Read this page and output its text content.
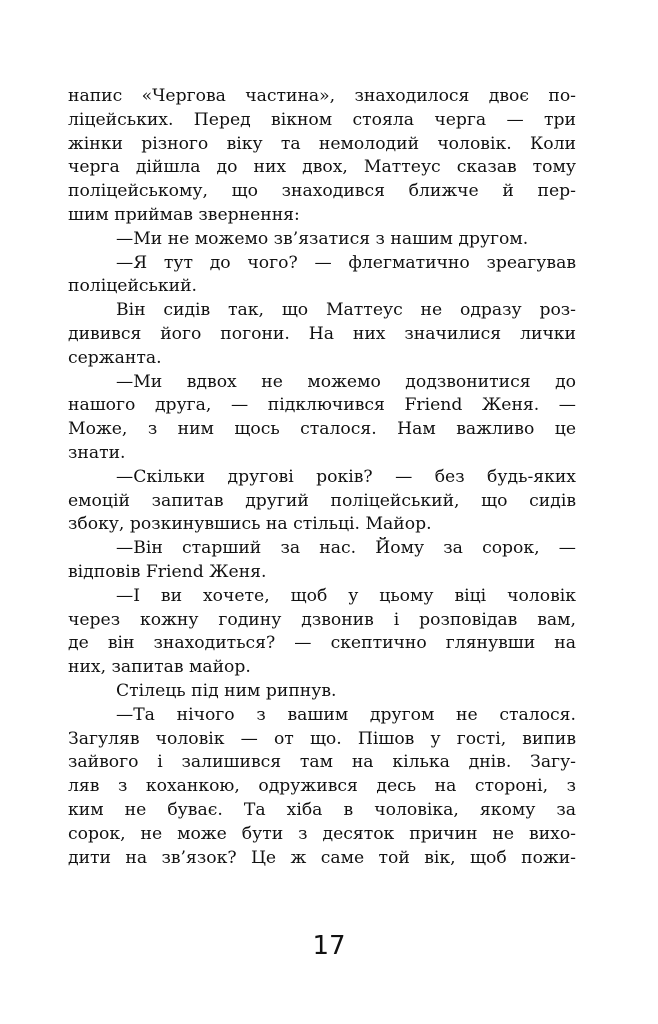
напис «Чергова частина», знаходилося двоє по-
ліцейських. Перед вікном стояла черга — три
жінки різного віку та немолодий чоловік. Коли
черга дійшла до них двох, Маттеус сказав тому
поліцейському, що знаходився ближче й пер-
шим приймав звернення:
—Ми не можемо зв’язатися з нашим другом.
—Я тут до чого? — флегматично зреагував
поліцейський.
Він сидів так, що Маттеус не одразу роз-
дивився його погони. На них значилися лички
сержанта.
—Ми вдвох не можемо додзвонитися до
нашого друга, — підключився Friend Женя. —
Може, з ним щось сталося. Нам важливо це
знати.
—Скільки другові років? — без будь-яких
емоцій запитав другий поліцейський, що сидів
збоку, розкинувшись на стільці. Майор.
—Він старший за нас. Йому за сорок, —
відповів Friend Женя.
—І ви хочете, щоб у цьому віці чоловік
через кожну годину дзвонив і розповідав вам,
де він знаходиться? — скептично глянувши на
них, запитав майор.
Стілець під ним рипнув.
—Та нічого з вашим другом не сталося.
Загуляв чоловік — от що. Пішов у гості, випив
зайвого і залишився там на кілька днів. Загу-
ляв з коханкою, одружився десь на стороні, з
ким не буває. Та хіба в чоловіка, якому за
сорок, не може бути з десяток причин не вихо-
дити на зв’язок? Це ж саме той вік, щоб пожи-
17
